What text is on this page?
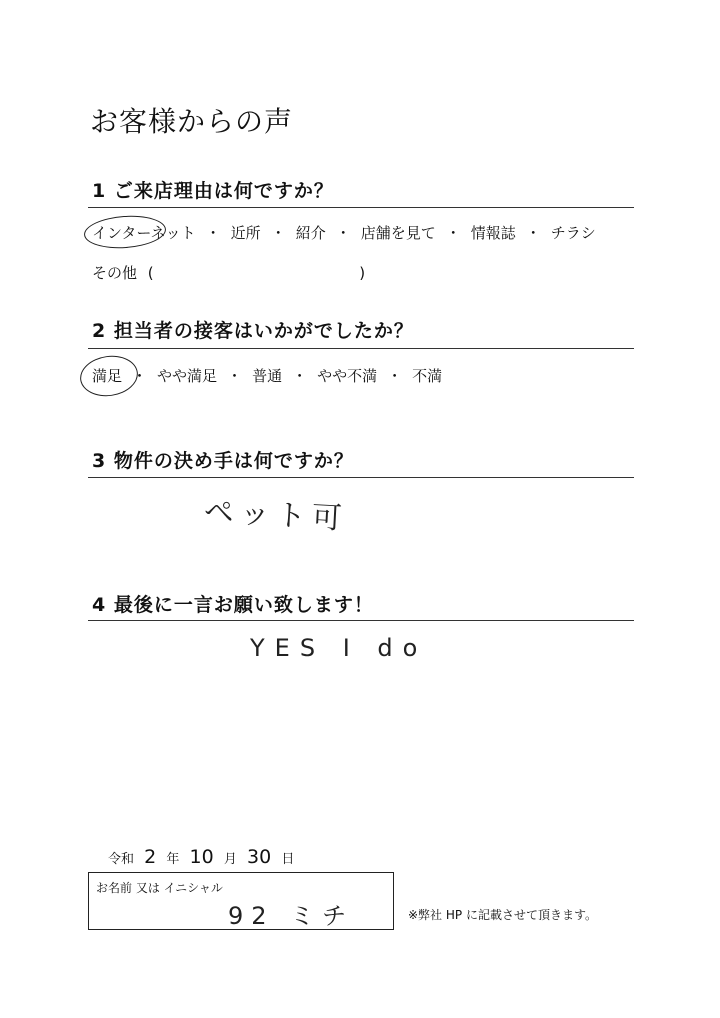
お客様からの声
1 ご来店理由は何ですか？
インターネット ・ 近所 ・ 紹介 ・ 店舗を見て ・ 情報誌 ・ チラシ
その他 (	)
2 担当者の接客はいかがでしたか？
満足 ・ やや満足 ・ 普通 ・ やや不満 ・ 不満
3 物件の決め手は何ですか？
ペット可
4 最後に一言お願い致します！
YES I do
令和 2 年 10 月 30 日
お名前 又は イニシャル
92 ミチ	※弊社 HP に記載させて頂きます。
